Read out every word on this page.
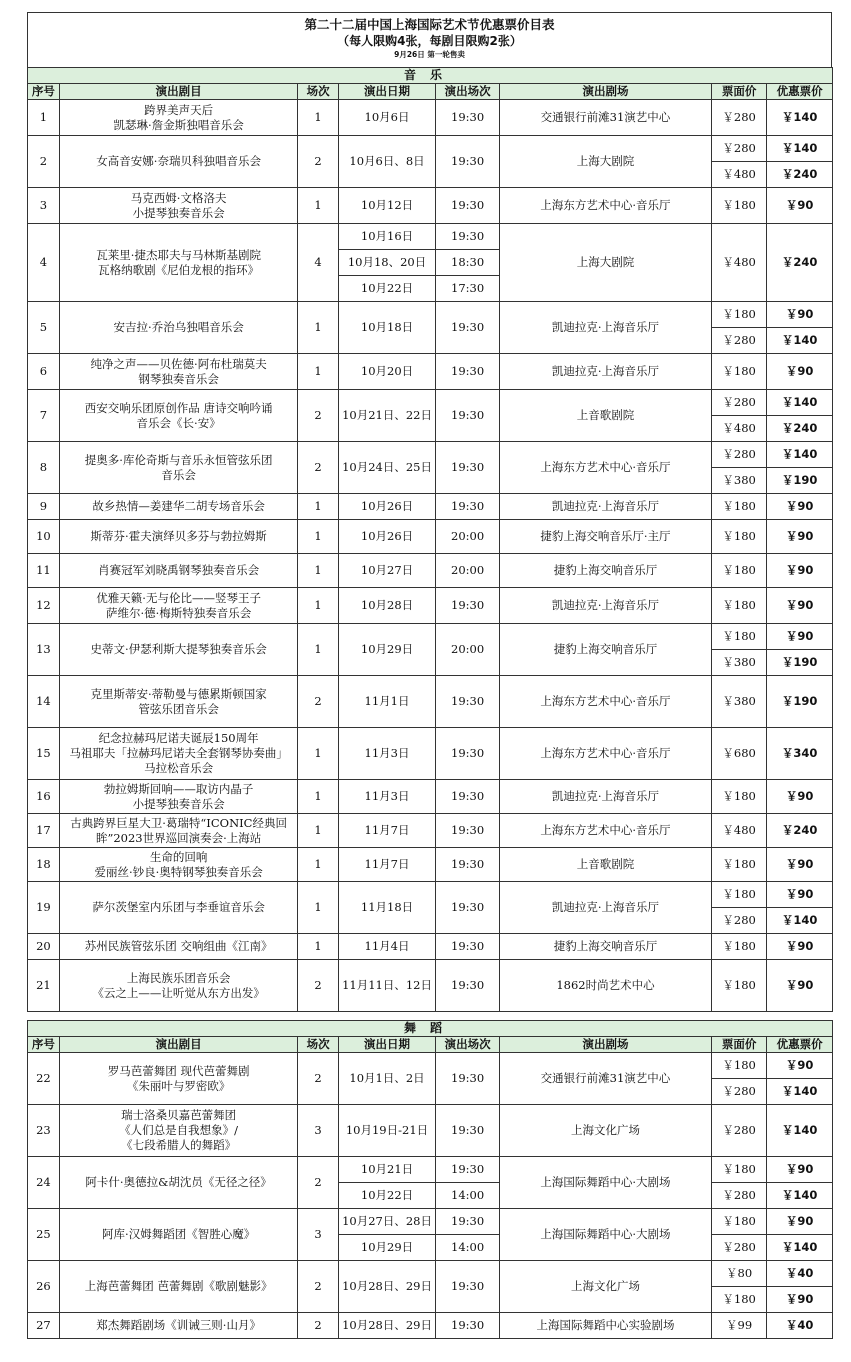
第二十二届中国上海国际艺术节优惠票价目表
（每人限购4张，每剧目限购2张）
9月26日 第一轮售卖
音乐							
序号	演出剧目	场次	演出日期	演出场次	演出剧场	票面价	优惠票价
1	跨界美声天后
凯瑟琳·詹金斯独唱音乐会	1	10月6日	19:30	交通银行前滩31演艺中心	￥280	￥140
2	女高音安娜·奈瑞贝科独唱音乐会	2	10月6日、8日	19:30	上海大剧院	￥280	￥140
						￥480	￥240
3	马克西姆·文格洛夫
小提琴独奏音乐会	1	10月12日	19:30	上海东方艺术中心·音乐厅	￥180	￥90
4	瓦莱里·捷杰耶夫与马林斯基剧院
瓦格纳歌剧《尼伯龙根的指环》	4	10月16日	19:30	上海大剧院	￥480	￥240
			10月18、20日	18:30			
			10月22日	17:30			
5	安吉拉·乔治乌独唱音乐会	1	10月18日	19:30	凯迪拉克·上海音乐厅	￥180	￥90
						￥280	￥140
6	纯净之声——贝佐德·阿布杜瑞莫夫
钢琴独奏音乐会	1	10月20日	19:30	凯迪拉克·上海音乐厅	￥180	￥90
7	西安交响乐团原创作品 唐诗交响吟诵
音乐会《长·安》	2	10月21日、22日	19:30	上音歌剧院	￥280	￥140
						￥480	￥240
8	提奥多·库伦奇斯与音乐永恒管弦乐团
音乐会	2	10月24日、25日	19:30	上海东方艺术中心·音乐厅	￥280	￥140
						￥380	￥190
9	故乡热情—姜建华二胡专场音乐会	1	10月26日	19:30	凯迪拉克·上海音乐厅	￥180	￥90
10	斯蒂芬·霍夫演绎贝多芬与勃拉姆斯	1	10月26日	20:00	捷豹上海交响音乐厅·主厅	￥180	￥90
11	肖赛冠军刘晓禹钢琴独奏音乐会	1	10月27日	20:00	捷豹上海交响音乐厅	￥180	￥90
12	优雅天籁·无与伦比——竖琴王子
萨维尔·德·梅斯特独奏音乐会	1	10月28日	19:30	凯迪拉克·上海音乐厅	￥180	￥90
13	史蒂文·伊瑟利斯大提琴独奏音乐会	1	10月29日	20:00	捷豹上海交响音乐厅	￥180	￥90
						￥380	￥190
14	克里斯蒂安·蒂勒曼与德累斯顿国家
管弦乐团音乐会	2	11月1日	19:30	上海东方艺术中心·音乐厅	￥380	￥190
15	纪念拉赫玛尼诺夫诞辰150周年
马祖耶夫「拉赫玛尼诺夫全套钢琴协奏曲」
马拉松音乐会	1	11月3日	19:30	上海东方艺术中心·音乐厅	￥680	￥340
16	勃拉姆斯回响——取访内晶子
小提琴独奏音乐会	1	11月3日	19:30	凯迪拉克·上海音乐厅	￥180	￥90
17	古典跨界巨星大卫·葛瑞特“ICONIC经典回
眸”2023世界巡回演奏会·上海站	1	11月7日	19:30	上海东方艺术中心·音乐厅	￥480	￥240
18	生命的回响
爱丽丝·钞良·奥特钢琴独奏音乐会	1	11月7日	19:30	上音歌剧院	￥180	￥90
19	萨尔茨堡室内乐团与李垂谊音乐会	1	11月18日	19:30	凯迪拉克·上海音乐厅	￥180	￥90
						￥280	￥140
20	苏州民族管弦乐团 交响组曲《江南》	1	11月4日	19:30	捷豹上海交响音乐厅	￥180	￥90
21	上海民族乐团音乐会
《云之上——让听觉从东方出发》	2	11月11日、12日	19:30	1862时尚艺术中心	￥180	￥90
舞蹈							
序号	演出剧目	场次	演出日期	演出场次	演出剧场	票面价	优惠票价
22	罗马芭蕾舞团 现代芭蕾舞剧
《朱丽叶与罗密欧》	2	10月1日、2日	19:30	交通银行前滩31演艺中心	￥180	￥90
						￥280	￥140
23	瑞士洛桑贝嘉芭蕾舞团
《人们总是自我想象》/
《七段希腊人的舞蹈》	3	10月19日-21日	19:30	上海文化广场	￥280	￥140
24	阿卡什·奥德拉&胡沈员《无径之径》	2	10月21日	19:30	上海国际舞蹈中心·大剧场	￥180	￥90
			10月22日	14:00		￥280	￥140
25	阿库·汉姆舞蹈团《智胜心魔》	3	10月27日、28日	19:30	上海国际舞蹈中心·大剧场	￥180	￥90
			10月29日	14:00		￥280	￥140
26	上海芭蕾舞团 芭蕾舞剧《歌剧魅影》	2	10月28日、29日	19:30	上海文化广场	￥80	￥40
						￥180	￥90
27	郑杰舞蹈剧场《训诫三则·山月》	2	10月28日、29日	19:30	上海国际舞蹈中心实验剧场	￥99	￥40
